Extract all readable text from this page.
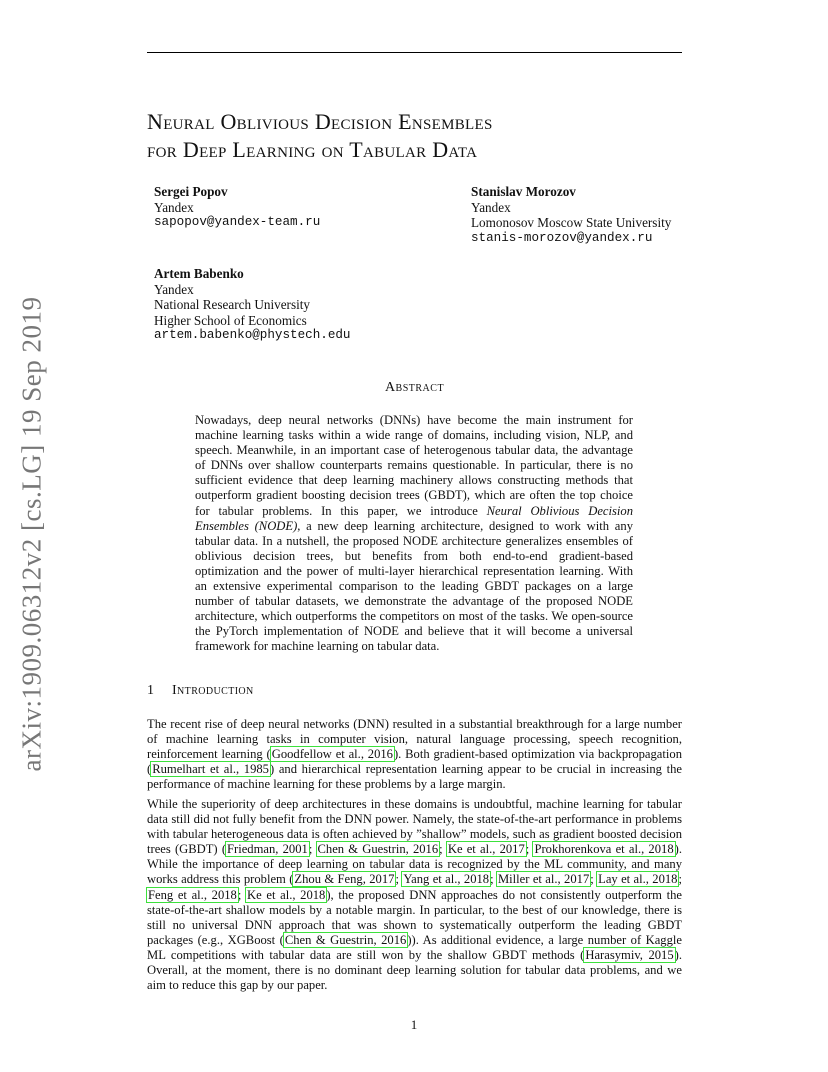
arXiv:1909.06312v2 [cs.LG] 19 Sep 2019
Neural Oblivious Decision Ensembles
for Deep Learning on Tabular Data
Sergei Popov
Yandex
sapopov@yandex-team.ru
Stanislav Morozov
Yandex
Lomonosov Moscow State University
stanis-morozov@yandex.ru
Artem Babenko
Yandex
National Research University
Higher School of Economics
artem.babenko@phystech.edu
Abstract
Nowadays, deep neural networks (DNNs) have become the main instrument for machine learning tasks within a wide range of domains, including vision, NLP, and speech. Meanwhile, in an important case of heterogenous tabular data, the advantage of DNNs over shallow counterparts remains questionable. In particular, there is no sufficient evidence that deep learning machinery allows constructing methods that outperform gradient boosting decision trees (GBDT), which are often the top choice for tabular problems. In this paper, we introduce Neural Oblivious Decision Ensembles (NODE), a new deep learning architecture, designed to work with any tabular data. In a nutshell, the proposed NODE architecture generalizes ensembles of oblivious decision trees, but benefits from both end-to-end gradient-based optimization and the power of multi-layer hierarchical representation learning. With an extensive experimental comparison to the leading GBDT packages on a large number of tabular datasets, we demonstrate the advantage of the proposed NODE architecture, which outperforms the competitors on most of the tasks. We open-source the PyTorch implementation of NODE and believe that it will become a universal framework for machine learning on tabular data.
1 Introduction
The recent rise of deep neural networks (DNN) resulted in a substantial breakthrough for a large number of machine learning tasks in computer vision, natural language processing, speech recognition, reinforcement learning (Goodfellow et al., 2016). Both gradient-based optimization via backpropagation (Rumelhart et al., 1985) and hierarchical representation learning appear to be crucial in increasing the performance of machine learning for these problems by a large margin.
While the superiority of deep architectures in these domains is undoubtful, machine learning for tabular data still did not fully benefit from the DNN power. Namely, the state-of-the-art performance in problems with tabular heterogeneous data is often achieved by ”shallow” models, such as gradient boosted decision trees (GBDT) (Friedman, 2001; Chen & Guestrin, 2016; Ke et al., 2017; Prokhorenkova et al., 2018). While the importance of deep learning on tabular data is recognized by the ML community, and many works address this problem (Zhou & Feng, 2017; Yang et al., 2018; Miller et al., 2017; Lay et al., 2018; Feng et al., 2018; Ke et al., 2018), the proposed DNN approaches do not consistently outperform the state-of-the-art shallow models by a notable margin. In particular, to the best of our knowledge, there is still no universal DNN approach that was shown to systematically outperform the leading GBDT packages (e.g., XGBoost (Chen & Guestrin, 2016)). As additional evidence, a large number of Kaggle ML competitions with tabular data are still won by the shallow GBDT methods (Harasymiv, 2015). Overall, at the moment, there is no dominant deep learning solution for tabular data problems, and we aim to reduce this gap by our paper.
1
